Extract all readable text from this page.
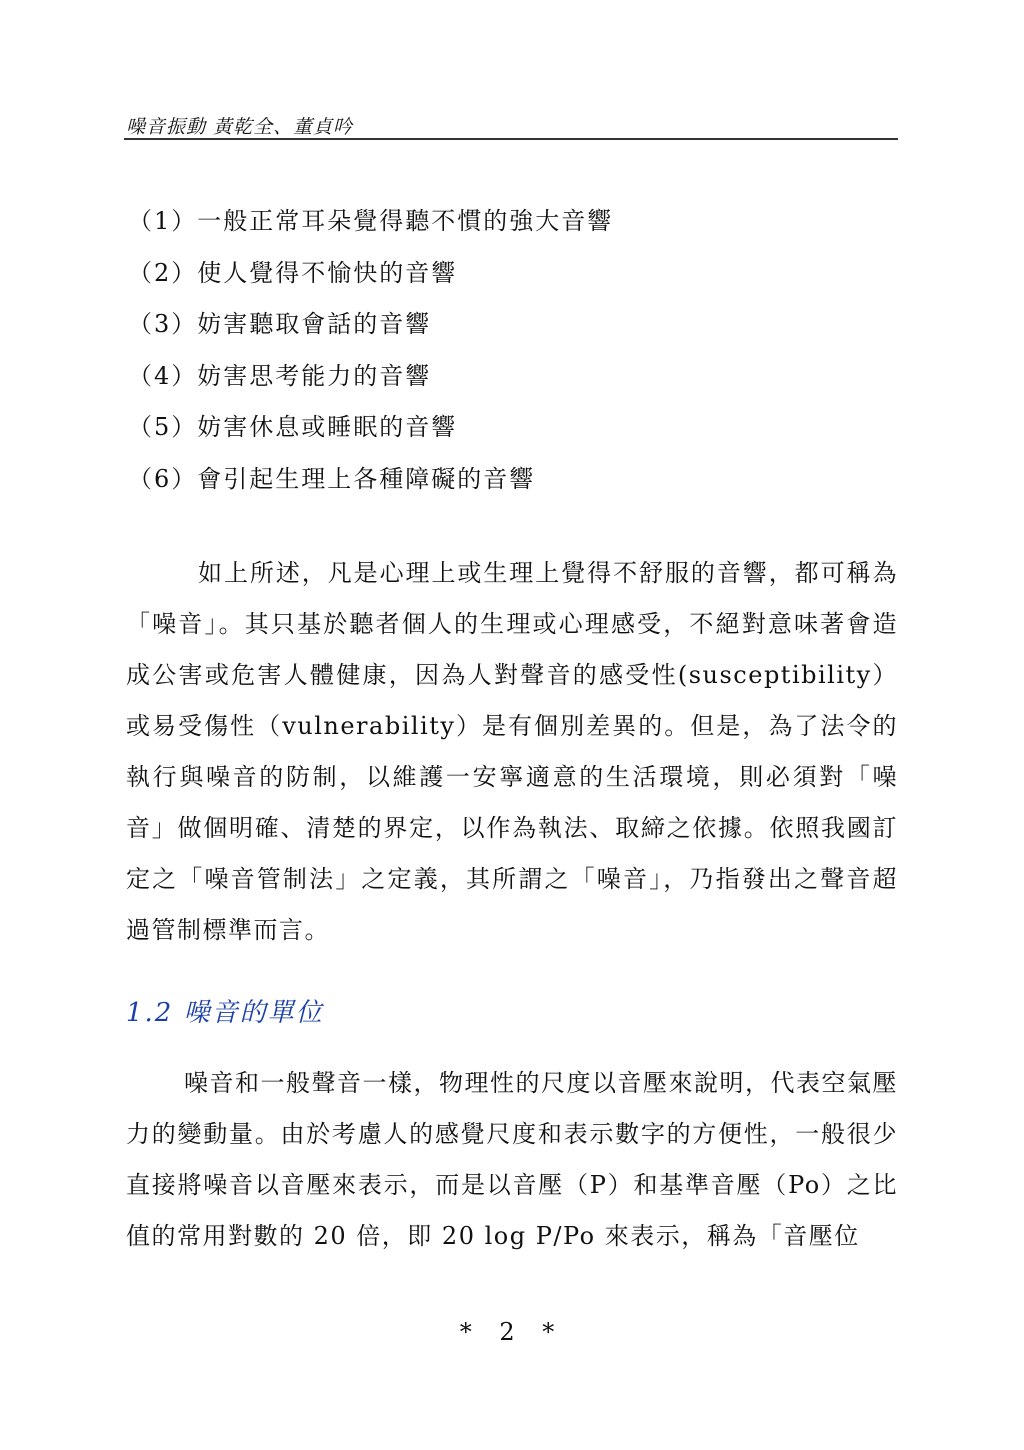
噪音振動 黃乾全、董貞吟
（1）一般正常耳朵覺得聽不慣的強大音響
（2）使人覺得不愉快的音響
（3）妨害聽取會話的音響
（4）妨害思考能力的音響
（5）妨害休息或睡眠的音響
（6）會引起生理上各種障礙的音響

如上所述，凡是心理上或生理上覺得不舒服的音響，都可稱為「噪音」。其只基於聽者個人的生理或心理感受，不絕對意味著會造成公害或危害人體健康，因為人對聲音的感受性(susceptibility）或易受傷性（vulnerability）是有個別差異的。但是，為了法令的執行與噪音的防制，以維護一安寧適意的生活環境，則必須對「噪音」做個明確、清楚的界定，以作為執法、取締之依據。依照我國訂定之「噪音管制法」之定義，其所謂之「噪音」，乃指發出之聲音超過管制標準而言。

1.2 噪音的單位

噪音和一般聲音一樣，物理性的尺度以音壓來說明，代表空氣壓力的變動量。由於考慮人的感覺尺度和表示數字的方便性，一般很少直接將噪音以音壓來表示，而是以音壓（P）和基準音壓（Po）之比值的常用對數的 20 倍，即 20 log P/Po 來表示，稱為「音壓位

* 2 *
